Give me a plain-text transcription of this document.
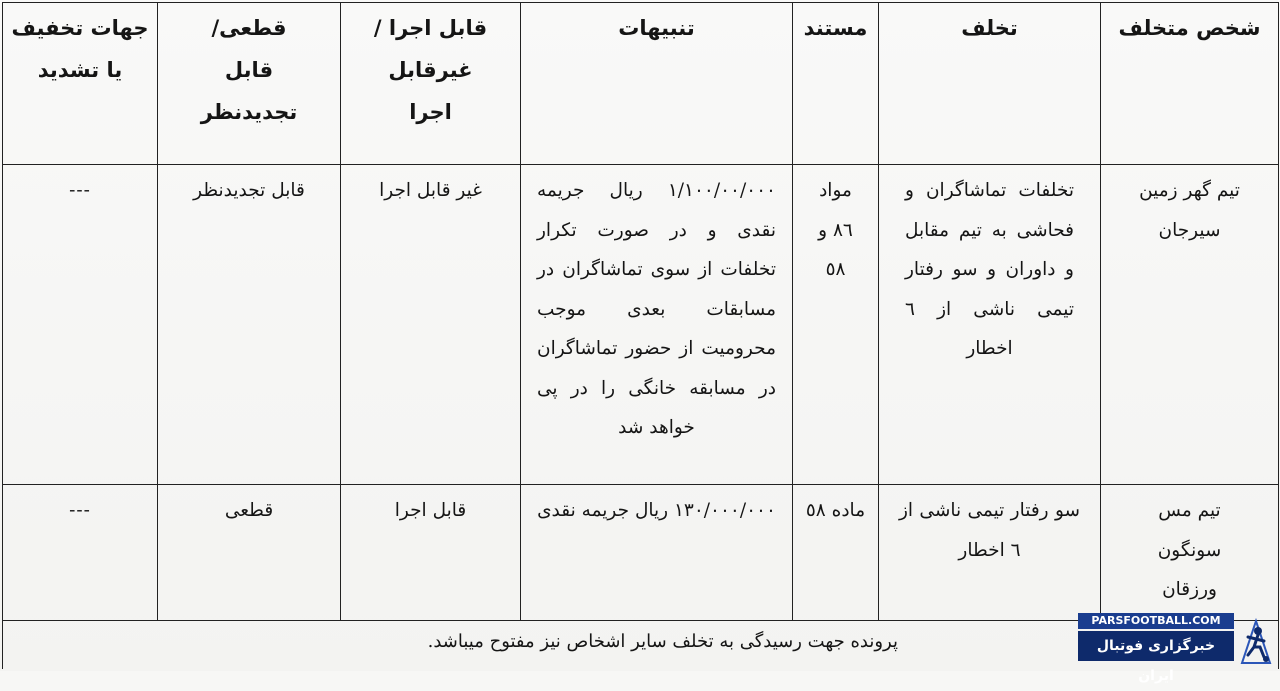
شخص متخلف	تخلف	مستند	تنبیهات	قابل اجرا /غیرقابل اجرا	قطعی/قابل تجدیدنظر	جهات تخفیف یا تشدید
تیم گهر زمین سیرجان	تخلفات تماشاگران و فحاشی به تیم مقابل و داوران و سو رفتار تیمی ناشی از ٦ اخطار	مواد ٨٦ و ٥٨	١/١٠٠/٠٠/٠٠٠ ریال جریمه نقدی و در صورت تکرار تخلفات از سوی تماشاگران در مسابقات بعدی موجب محرومیت از حضور تماشاگران در مسابقه خانگی را در پی خواهد شد	غیر قابل اجرا	قابل تجدیدنظر	---
تیم مس سونگون ورزقان	سو رفتار تیمی ناشی از ٦ اخطار	ماده ٥٨	١٣٠/٠٠٠/٠٠٠ ریال جریمه نقدی	قابل اجرا	قطعی	---
پرونده جهت رسیدگی به تخلف سایر اشخاص نیز مفتوح میباشد.						
PARSFOOTBALL.COM
خبرگزاری فوتبال ایران
